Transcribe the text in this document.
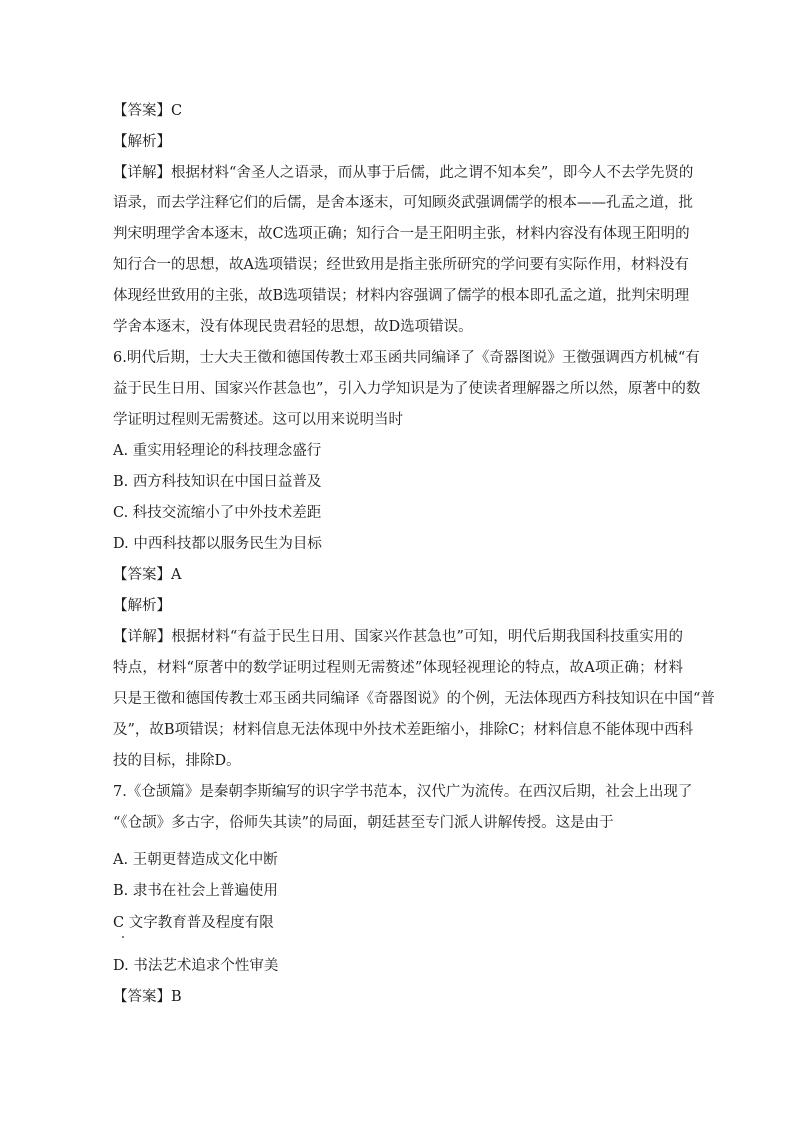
【答案】C
【解析】
【详解】根据材料“舍圣人之语录，而从事于后儒，此之谓不知本矣”，即今人不去学先贤的
语录，而去学注释它们的后儒，是舍本逐末，可知顾炎武强调儒学的根本——孔孟之道，批
判宋明理学舍本逐末，故C选项正确；知行合一是王阳明主张，材料内容没有体现王阳明的
知行合一的思想，故A选项错误；经世致用是指主张所研究的学问要有实际作用，材料没有
体现经世致用的主张，故B选项错误；材料内容强调了儒学的根本即孔孟之道，批判宋明理
学舍本逐末，没有体现民贵君轻的思想，故D选项错误。
6.明代后期，士大夫王徵和德国传教士邓玉函共同编译了《奇器图说》王徵强调西方机械“有
益于民生日用、国家兴作甚急也”，引入力学知识是为了使读者理解器之所以然，原著中的数
学证明过程则无需赘述。这可以用来说明当时
A. 重实用轻理论的科技理念盛行
B. 西方科技知识在中国日益普及
C. 科技交流缩小了中外技术差距
D. 中西科技都以服务民生为目标
【答案】A
【解析】
【详解】根据材料“有益于民生日用、国家兴作甚急也”可知，明代后期我国科技重实用的
特点，材料“原著中的数学证明过程则无需赘述”体现轻视理论的特点，故A项正确；材料
只是王徵和德国传教士邓玉函共同编译《奇器图说》的个例，无法体现西方科技知识在中国“普
及”，故B项错误；材料信息无法体现中外技术差距缩小，排除C；材料信息不能体现中西科
技的目标，排除D。
7.《仓颉篇》是秦朝李斯编写的识字学书范本，汉代广为流传。在西汉后期，社会上出现了
“《仓颉》多古字，俗师失其读”的局面，朝廷甚至专门派人讲解传授。这是由于
A. 王朝更替造成文化中断
B. 隶书在社会上普遍使用
C 文字教育普及程度有限
D. 书法艺术追求个性审美
【答案】B
